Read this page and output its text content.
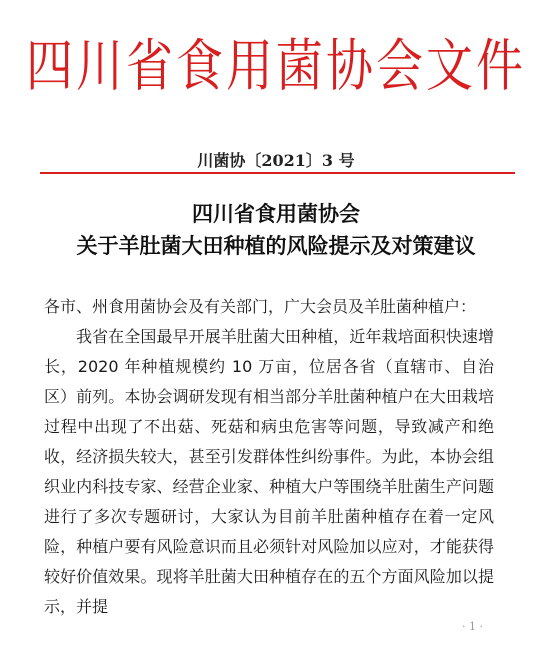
四川省食用菌协会文件
川菌协〔2021〕3 号
四川省食用菌协会
关于羊肚菌大田种植的风险提示及对策建议

各市、州食用菌协会及有关部门，广大会员及羊肚菌种植户：

我省在全国最早开展羊肚菌大田种植，近年栽培面积快速增长，2020 年种植规模约 10 万亩，位居各省（直辖市、自治区）前列。本协会调研发现有相当部分羊肚菌种植户在大田栽培过程中出现了不出菇、死菇和病虫危害等问题，导致减产和绝收，经济损失较大，甚至引发群体性纠纷事件。为此，本协会组织业内科技专家、经营企业家、种植大户等围绕羊肚菌生产问题进行了多次专题研讨，大家认为目前羊肚菌种植存在着一定风险，种植户要有风险意识而且必须针对风险加以应对，才能获得较好价值效果。现将羊肚菌大田种植存在的五个方面风险加以提示，并提

· 1 ·
